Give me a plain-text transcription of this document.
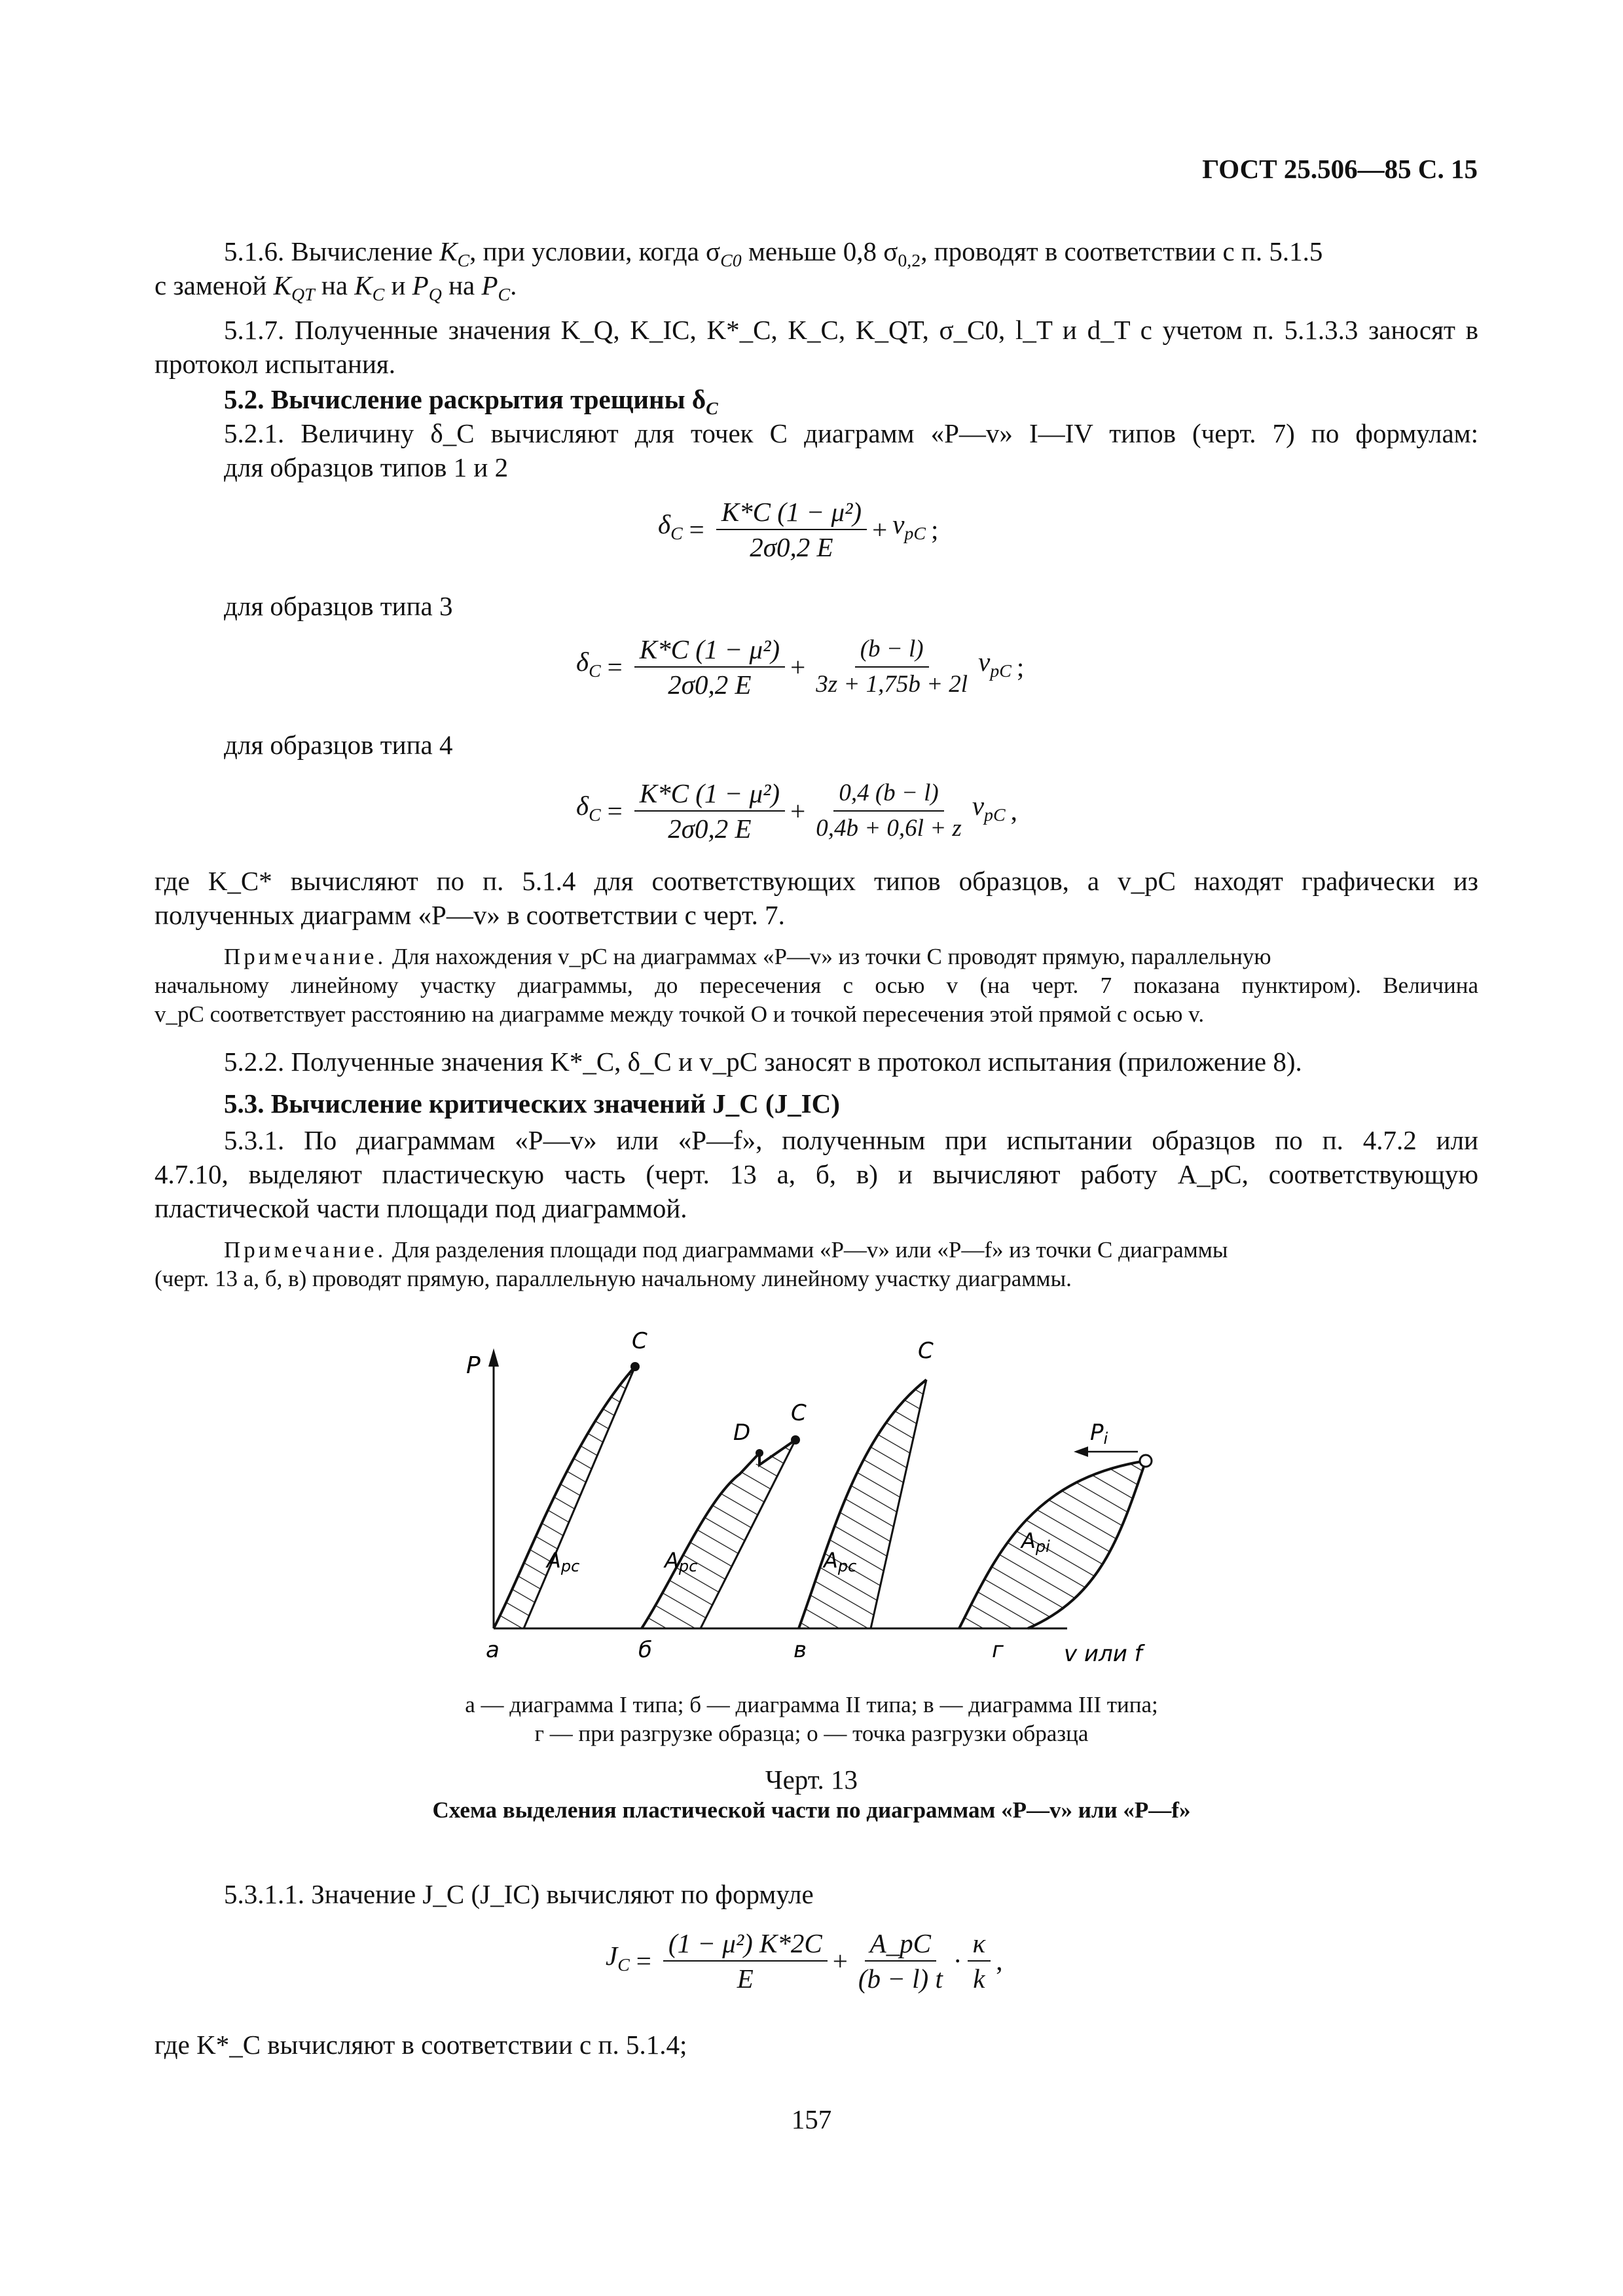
ГОСТ 25.506—85 С. 15
5.1.6. Вычисление $K_C$, при условии, когда $\sigma_{C0}$ меньше 0,8 $\sigma_{0,2}$, проводят в соответствии с п. 5.1.5
с заменой $K_{QT}$ на $K_C$ и $P_Q$ на $P_C$.
5.1.7. Полученные значения K_Q, K_IC, K*_C, K_C, K_QT, σ_C0, l_T и d_T с учетом п. 5.1.3.3 заносят в
протокол испытания.
5.2. Вычисление раскрытия трещины $\delta_C$
5.2.1. Величину δ_C вычисляют для точек C диаграмм «P—v» I—IV типов (черт. 7) по формулам:
для образцов типов 1 и 2
$\delta_C = \frac{\text{K*C (1 − μ²)}}{2\sigma 0,2 E} + v_{pC}$ ;
для образцов типа 3
$\delta_C = \frac{\text{K*C (1 − μ²)}}{2\sigma 0,2 E} + \frac{(b - l)}{3z + 1,75b + 2l} v_{pC}$ ;
для образцов типа 4
$\delta_C = \frac{\text{K*C (1 − μ²)}}{2\sigma 0,2 E} + \frac{0,4 (b - l)}{0,4b + 0,6l + z} v_{pC}$ ,
где K_C* вычисляют по п. 5.1.4 для соответствующих типов образцов, а v_pC находят графически из
полученных диаграмм «P—v» в соответствии с черт. 7.
Примечание. Для нахождения v_pC на диаграммах «P—v» из точки C проводят прямую, параллельную
начальному линейному участку диаграммы, до пересечения с осью v (на черт. 7 показана пунктиром). Величина
v_pC соответствует расстоянию на диаграмме между точкой O и точкой пересечения этой прямой с осью v.
5.2.2. Полученные значения K*_C, δ_C и v_pC заносят в протокол испытания (приложение 8).
5.3. Вычисление критических значений J_C (J_IC)
5.3.1. По диаграммам «P—v» или «P—f», полученным при испытании образцов по п. 4.7.2 или
4.7.10, выделяют пластическую часть (черт. 13 а, б, в) и вычисляют работу A_pC, соответствующую
пластической части площади под диаграммой.
Примечание. Для разделения площади под диаграммами «P—v» или «P—f» из точки C диаграммы
(черт. 13 а, б, в) проводят прямую, параллельную начальному линейному участку диаграммы.
P
v или f
C
Apc
а
C
D
Apc
б
C
Apc
в
Pi
Api
г
а — диаграмма I типа; б — диаграмма II типа; в — диаграмма III типа;
г — при разгрузке образца; о — точка разгрузки образца
Черт. 13
Схема выделения пластической части по диаграммам «P—v» или «P—f»
5.3.1.1. Значение J_C (J_IC) вычисляют по формуле
$J_C = \frac{\text{(1 − μ²) K*2C}}{E} + \frac{A\_pC}{(b - l) t} \cdot \frac{\kappa}{k}$ ,
где K*_C вычисляют в соответствии с п. 5.1.4;
157
